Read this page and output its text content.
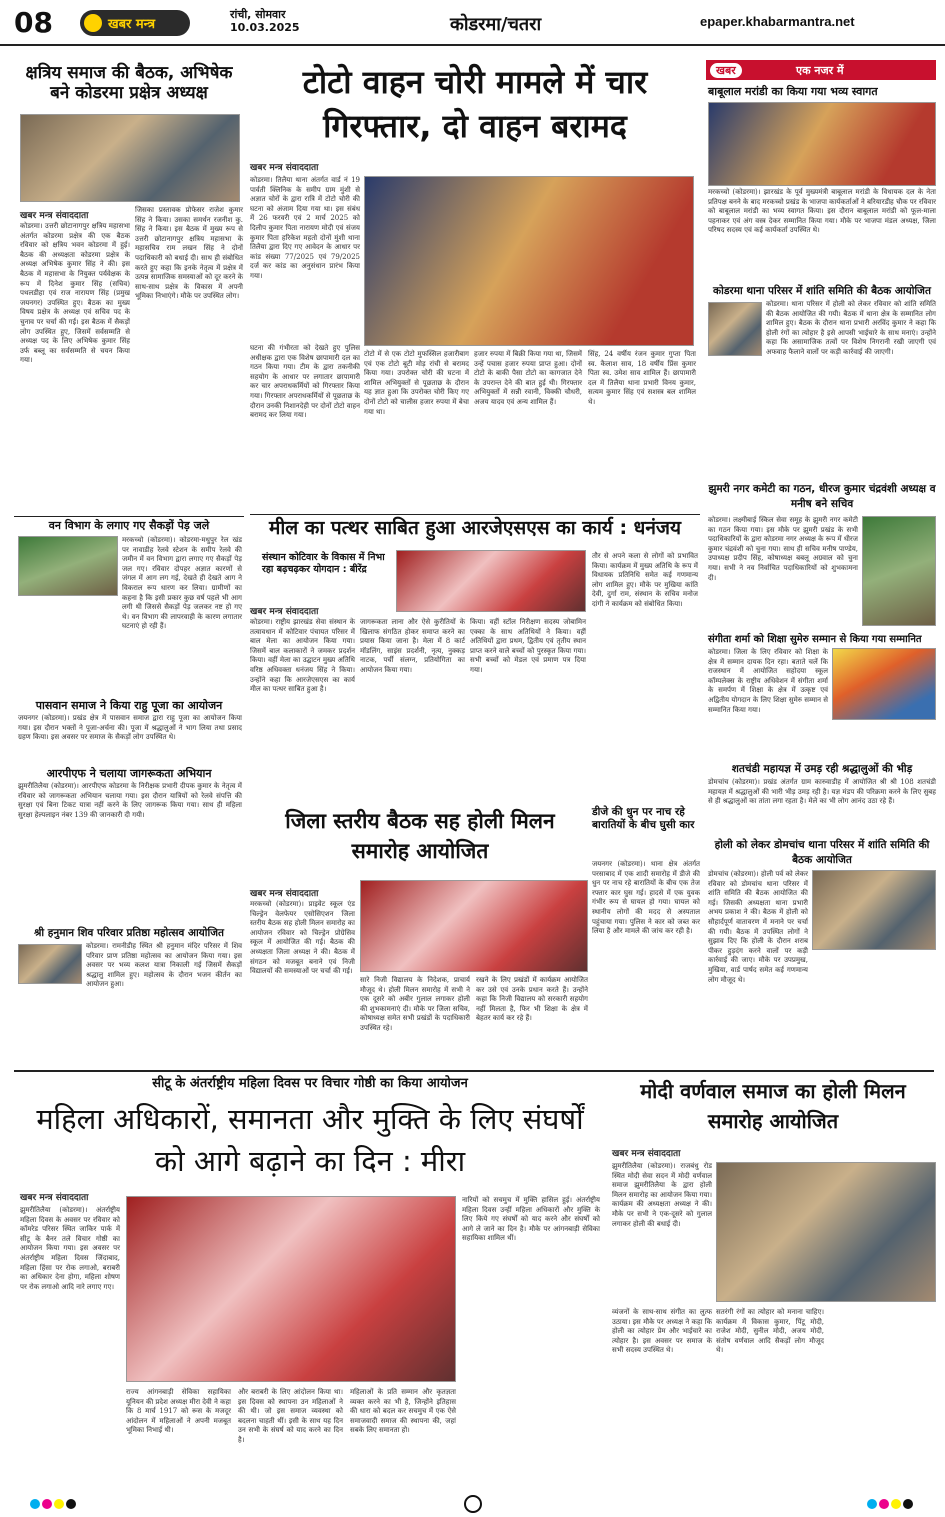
08	खबर मन्त्र
रांची, सोमवार
10.03.2025	कोडरमा/चतरा	epaper.khabarmantra.net
क्षत्रिय समाज की बैठक, अभिषेक बने कोडरमा प्रक्षेत्र अध्यक्ष
खबर मन्त्र संवाददाता
कोडरमा। उत्तरी छोटानागपुर क्षत्रिय महासभा अंतर्गत कोडरमा प्रक्षेत्र की एक बैठक रविवार को क्षत्रिय भवन कोडरमा में हुई। बैठक की अध्यक्षता कोडरमा प्रक्षेत्र के अध्यक्ष अभिषेक कुमार सिंह ने की। इस बैठक में महासभा के नियुक्त पर्यवेक्षक के रूप में दिनेश कुमार सिंह (सचिव) पथलडीहा एवं राज नारायण सिंह (प्रमुख जयनगर) उपस्थित हुए। बैठक का मुख्य विषय प्रक्षेत्र के अध्यक्ष एवं सचिव पद के चुनाव पर चर्चा की गई। इस बैठक में सैकड़ों लोग उपस्थित हुए, जिसमें सर्वसम्मति से अध्यक्ष पद के लिए अभिषेक कुमार सिंह उर्फ बब्लू का सर्वसम्मति से चयन किया गया।
जिसका प्रस्तावक प्रोफेसर राजेश कुमार सिंह ने किया। उसका समर्थन रजनीश कु. सिंह ने किया। इस बैठक में मुख्य रूप से उत्तरी छोटानागपुर क्षत्रिय महासभा के महासचिव राम लखन सिंह ने दोनों पदाधिकारी को बधाई दी। साथ ही संबोधित करते हुए कहा कि इनके नेतृत्व में प्रक्षेत्र में उत्पन्न सामाजिक समस्याओं को दूर करने के साथ-साथ प्रक्षेत्र के विकास में अपनी भूमिका निभाएंगे। मौके पर उपस्थित लोग।
टोटो वाहन चोरी मामले में चार गिरफ्तार, दो वाहन बरामद
खबर मन्त्र संवाददाता
कोडरमा। तिलैया थाना अंतर्गत वार्ड नं 19 पार्वती क्लिनिक के समीप ग्राम मुंशी से अज्ञात चोरों के द्वारा रात्रि में टोटो चोरी की घटना को अंजाम दिया गया था। इस संबंध में 26 फरवरी एवं 2 मार्च 2025 को दिलीप कुमार पिता नारायण मोदी एवं संजय कुमार पिता हरिकेश महतो दोनों मुंशी थाना तिलैया द्वारा दिए गए आवेदन के आधार पर कांड संख्या 77/2025 एवं 79/2025 दर्ज कर कांड का अनुसंधान प्रारंभ किया गया।
घटना की गंभीरता को देखते हुए पुलिस अधीक्षक द्वारा एक विशेष छापामारी दल का गठन किया गया। टीम के द्वारा तकनीकी सहयोग के आधार पर लगातार छापामारी कर चार अपराधकर्मियों को गिरफ्तार किया गया। गिरफ्तार अपराधकर्मियों से पूछताछ के दौरान उनकी निशानदेही पर दोनों टोटो वाहन बरामद कर लिया गया।
टोटो में से एक टोटो मुफस्सिल हजारीबाग एवं एक टोटो बूटी मोड़ रांची से बरामद किया गया। उपरोक्त चोरी की घटना में शामिल अभियुक्तों से पूछताछ के दौरान यह ज्ञात हुआ कि उपरोक्त चोरी किए गए दोनों टोटो को चालीस हजार रुपया में बेचा गया था।
हजार रुपया में बिक्री किया गया था, जिसमें उन्हें पचास हजार रुपया प्राप्त हुआ। दोनों टोटो के बाकी पैसा टोटो का कागजात देने के उपरान्त देने की बात हुई थी। गिरफ्तार अभियुक्तों में सन्नी रवानी, विक्की चौधरी, अजय यादव एवं अन्य शामिल हैं।
सिंह, 24 वर्षीय रंजन कुमार गुप्ता पिता स्व. कैलाश साव, 18 वर्षीय प्रिंस कुमार पिता स्व. उमेश साव शामिल हैं। छापामारी दल में तिलैया थाना प्रभारी विनय कुमार, सत्यम कुमार सिंह एवं सशस्त्र बल शामिल थे।
खबर	एक नजर में
बाबूलाल मरांडी का किया गया भव्य स्वागत
मरकच्चो (कोडरमा)। झारखंड के पूर्व मुख्यमंत्री बाबूलाल मरांडी के विधायक दल के नेता प्रतिपक्ष बनने के बाद मरकच्चो प्रखंड के भाजपा कार्यकर्ताओं ने बरियारडीह चौक पर रविवार को बाबूलाल मरांडी का भव्य स्वागत किया। इस दौरान बाबूलाल मरांडी को फूल-माला पहनाकर एवं अंग वस्त्र देकर सम्मानित किया गया। मौके पर भाजपा मंडल अध्यक्ष, जिला परिषद सदस्य एवं कई कार्यकर्ता उपस्थित थे।
कोडरमा थाना परिसर में शांति समिति की बैठक आयोजित
कोडरमा। थाना परिसर में होली को लेकर रविवार को शांति समिति की बैठक आयोजित की गयी। बैठक में थाना क्षेत्र के सम्मानित लोग शामिल हुए। बैठक के दौरान थाना प्रभारी अरविंद कुमार ने कहा कि होली रंगों का त्योहार है इसे आपसी भाईचारे के साथ मनाएं। उन्होंने कहा कि असामाजिक तत्वों पर विशेष निगरानी रखी जाएगी एवं अफवाह फैलाने वालों पर कड़ी कार्रवाई की जाएगी।
झुमरी नगर कमेटी का गठन, धीरज कुमार चंद्रवंशी अध्यक्ष व मनीष बने सचिव
कोडरमा। लक्ष्मीबाई स्किल सेवा समूह के झुमरी नगर कमेटी का गठन किया गया। इस मौके पर झुमरी प्रखंड के सभी पदाधिकारियों के द्वारा कोडरमा नगर अध्यक्ष के रूप में धीरज कुमार चंद्रवंशी को चुना गया। साथ ही सचिव मनीष पाण्डेय, उपाध्यक्ष प्रदीप सिंह, कोषाध्यक्ष बबलू अग्रवाल को चुना गया। सभी ने नव निर्वाचित पदाधिकारियों को शुभकामना दी।
संगीता शर्मा को शिक्षा सुमेरु सम्मान से किया गया सम्मानित
कोडरमा। जिला के लिए रविवार को शिक्षा के क्षेत्र में सम्मान दायक दिन रहा। बताते चलें कि राजस्थान में आयोजित सहोदया स्कूल कॉम्पलेक्स के राष्ट्रीय अधिवेशन में संगीता शर्मा के समर्पण में शिक्षा के क्षेत्र में उत्कृष्ट एवं अद्वितीय योगदान के लिए शिक्षा सुमेरु सम्मान से सम्मानित किया गया।
शतचंडी महायज्ञ में उमड़ रही श्रद्धालुओं की भीड़
डोमचांच (कोडरमा)। प्रखंड अंतर्गत ग्राम कारुवाडीह में आयोजित श्री श्री 108 शतचंडी महायज्ञ में श्रद्धालुओं की भारी भीड़ उमड़ रही है। यज्ञ मंडप की परिक्रमा करने के लिए सुबह से ही श्रद्धालुओं का तांता लगा रहता है। मेले का भी लोग आनंद उठा रहे हैं।
होली को लेकर डोमचांच थाना परिसर में शांति समिति की बैठक आयोजित
डोमचांच (कोडरमा)। होली पर्व को लेकर रविवार को डोमचांच थाना परिसर में शांति समिति की बैठक आयोजित की गई। जिसकी अध्यक्षता थाना प्रभारी अभय प्रकाश ने की। बैठक में होली को सौहार्दपूर्ण वातावरण में मनाने पर चर्चा की गयी। बैठक में उपस्थित लोगों ने सुझाव दिए कि होली के दौरान शराब पीकर हुड़दंग करने वालों पर कड़ी कार्रवाई की जाए। मौके पर उपप्रमुख, मुखिया, वार्ड पार्षद समेत कई गणमान्य लोग मौजूद थे।
वन विभाग के लगाए गए सैकड़ों पेड़ जले
मरकच्चो (कोडरमा)। कोडरमा-मधुपुर रेल खंड पर नावाडीह रेलवे स्टेशन के समीप रेलवे की जमीन में वन विभाग द्वारा लगाए गए सैकड़ों पेड़ जल गए। रविवार दोपहर अज्ञात कारणों से जंगल में आग लग गई, देखते ही देखते आग ने विकराल रूप धारण कर लिया। ग्रामीणों का कहना है कि इसी प्रकार कुछ वर्ष पहले भी आग लगी थी जिससे सैकड़ों पेड़ जलकर नष्ट हो गए थे। वन विभाग की लापरवाही के कारण लगातार घटनाएं हो रही हैं।
पासवान समाज ने किया राहु पूजा का आयोजन
जयनगर (कोडरमा)। प्रखंड क्षेत्र में पासवान समाज द्वारा राहु पूजा का आयोजन किया गया। इस दौरान भक्तों ने पूजा-अर्चना की। पूजा में श्रद्धालुओं ने भाग लिया तथा प्रसाद ग्रहण किया। इस अवसर पर समाज के सैकड़ों लोग उपस्थित थे।
आरपीएफ ने चलाया जागरूकता अभियान
झुमरीतिलैया (कोडरमा)। आरपीएफ कोडरमा के निरीक्षक प्रभारी दीपक कुमार के नेतृत्व में रविवार को जागरूकता अभियान चलाया गया। इस दौरान यात्रियों को रेलवे संपत्ति की सुरक्षा एवं बिना टिकट यात्रा नहीं करने के लिए जागरूक किया गया। साथ ही महिला सुरक्षा हेल्पलाइन नंबर 139 की जानकारी दी गयी।
श्री हनुमान शिव परिवार प्रतिष्ठा महोत्सव आयोजित
कोडरमा। रामनीडीह स्थित श्री हनुमान मंदिर परिसर में शिव परिवार प्राण प्रतिष्ठा महोत्सव का आयोजन किया गया। इस अवसर पर भव्य कलश यात्रा निकाली गई जिसमें सैकड़ों श्रद्धालु शामिल हुए। महोत्सव के दौरान भजन कीर्तन का आयोजन हुआ।
मील का पत्थर साबित हुआ आरजेएसएस का कार्य : धनंजय
संस्थान कोटिवार के विकास में निभा रहा बढ़चढ़कर योगदान : बीरेंद्र
खबर मन्त्र संवाददाता
कोडरमा। राष्ट्रीय झारखंड सेवा संस्थान के तत्वावधान में कोटिवार पंचायत परिसर में बाल मेला का आयोजन किया गया। जिसमें बाल कलाकारों ने जमकर प्रदर्शन किया। वहीं मेला का उद्घाटन मुख्य अतिथि वरिष्ठ अधिवक्ता धनंजय सिंह ने किया। उन्होंने कहा कि आरजेएसएस का कार्य मील का पत्थर साबित हुआ है।
जागरूकता लाना और ऐसे कुरीतियों के खिलाफ संगठित होकर समाप्त करने का प्रयास किया जाना है। मेला में 8 कार्ट मॉडलिंग, साइंस प्रदर्शनी, नृत्य, नुक्कड़ नाटक, पर्ची संलग्न, प्रतियोगिता का आयोजन किया गया।
किया। वहीं स्टॉल निरीक्षण सदस्य जोबामिन एक्का के साथ अतिथियों ने किया। वहीं अतिथियों द्वारा प्रथम, द्वितीय एवं तृतीय स्थान प्राप्त करने वाले बच्चों को पुरस्कृत किया गया। सभी बच्चों को मेडल एवं प्रमाण पत्र दिया गया।
तौर से अपने कला से लोगों को प्रभावित किया। कार्यक्रम में मुख्य अतिथि के रूप में विधायक प्रतिनिधि समेत कई गणमान्य लोग शामिल हुए। मौके पर मुखिया कांति देवी, दुर्गा राम, संस्थान के सचिव मनोज दांगी ने कार्यक्रम को संबोधित किया।
जिला स्तरीय बैठक सह होली मिलन समारोह आयोजित
खबर मन्त्र संवाददाता
मरकच्चो (कोडरमा)। प्राइवेट स्कूल एंड चिल्ड्रेन वेलफेयर एसोसिएशन जिला स्तरीय बैठक सह होली मिलन समारोह का आयोजन रविवार को चिल्ड्रेन प्रोग्रेसिव स्कूल में आयोजित की गई। बैठक की अध्यक्षता जिला अध्यक्ष ने की। बैठक में संगठन को मजबूत बनाने एवं निजी विद्यालयों की समस्याओं पर चर्चा की गई।
सारे निजी विद्यालय के निदेशक, प्राचार्य मौजूद थे। होली मिलन समारोह में सभी ने एक दूसरे को अबीर गुलाल लगाकर होली की शुभकामनाएं दी। मौके पर जिला सचिव, कोषाध्यक्ष समेत सभी प्रखंडों के पदाधिकारी उपस्थित रहे।
रखने के लिए प्रखंडों में कार्यक्रम आयोजित कर उसे एवं उनके प्रधान करते हैं। उन्होंने कहा कि निजी विद्यालय को सरकारी सहयोग नहीं मिलता है, फिर भी शिक्षा के क्षेत्र में बेहतर कार्य कर रहे हैं।
डीजे की धुन पर नाच रहे बारातियों के बीच घुसी कार
जयनगर (कोडरमा)। थाना क्षेत्र अंतर्गत परसाबाद में एक शादी समारोह में डीजे की धुन पर नाच रहे बारातियों के बीच एक तेज रफ्तार कार घुस गई। हादसे में एक युवक गंभीर रूप से घायल हो गया। घायल को स्थानीय लोगों की मदद से अस्पताल पहुंचाया गया। पुलिस ने कार को जब्त कर लिया है और मामले की जांच कर रही है।
सीटू के अंतर्राष्ट्रीय महिला दिवस पर विचार गोष्ठी का किया आयोजन
महिला अधिकारों, समानता और मुक्ति के लिए संघर्षों को आगे बढ़ाने का दिन : मीरा
खबर मन्त्र संवाददाता
झुमरीतिलैया (कोडरमा)। अंतर्राष्ट्रीय महिला दिवस के अवसर पर रविवार को कॉमरेड परिसर स्थित जाकिर पार्क में सीटू के बैनर तले विचार गोष्ठी का आयोजन किया गया। इस अवसर पर अंतर्राष्ट्रीय महिला दिवस जिंदाबाद, महिला हिंसा पर रोक लगाओ, बराबरी का अधिकार देना होगा, महिला शोषण पर रोक लगाओ आदि नारे लगाए गए।
राज्य आंगनबाड़ी सेविका सहायिका यूनियन की प्रदेश अध्यक्ष मीरा देवी ने कहा कि 8 मार्च 1917 को रूस के मजदूर आंदोलन में महिलाओं ने अपनी मजबूत भूमिका निभाई थी।
और बराबरी के लिए आंदोलन किया था। इस दिवस को स्थापना उन महिलाओं ने की थी। जो इस समाज व्यवस्था को बदलना चाहती थीं। इसी के साथ यह दिन उन सभी के संघर्ष को याद करने का दिन है।
महिलाओं के प्रति सम्मान और कृतज्ञता व्यक्त करने का भी है, जिन्होंने इतिहास की धारा को बदल कर सचमुच में एक ऐसे समाजवादी समाज की स्थापना की, जहां सबके लिए समानता हो।
नारियों को सचमुच में मुक्ति हासिल हुई। अंतर्राष्ट्रीय महिला दिवस उन्हीं महिला अधिकारों और मुक्ति के लिए किये गए संघर्षों को याद करने और संघर्षों को आगे ले जाने का दिन है। मौके पर आंगनबाड़ी सेविका सहायिका शामिल थीं।
मोदी वर्णवाल समाज का होली मिलन समारोह आयोजित
खबर मन्त्र संवाददाता
झुमरीतिलैया (कोडरमा)। राजबंधु रोड स्थित मोदी सेवा सदन में मोदी वर्णवाल समाज झुमरीतिलैया के द्वारा होली मिलन समारोह का आयोजन किया गया। कार्यक्रम की अध्यक्षता अध्यक्ष ने की। मौके पर सभी ने एक-दूसरे को गुलाल लगाकर होली की बधाई दी।
व्यंजनों के साथ-साथ संगीत का लुत्फ उठाया। इस मौके पर अध्यक्ष ने कहा कि होली का त्योहार प्रेम और भाईचारे का त्योहार है। इस अवसर पर समाज के सभी सदस्य उपस्थित थे।
सतरंगी रंगों का त्योहार को मनाना चाहिए। कार्यक्रम में विकास कुमार, पिंटू मोदी, राजेश मोदी, सुनील मोदी, अजय मोदी, संतोष वर्णवाल आदि सैकड़ों लोग मौजूद थे।
